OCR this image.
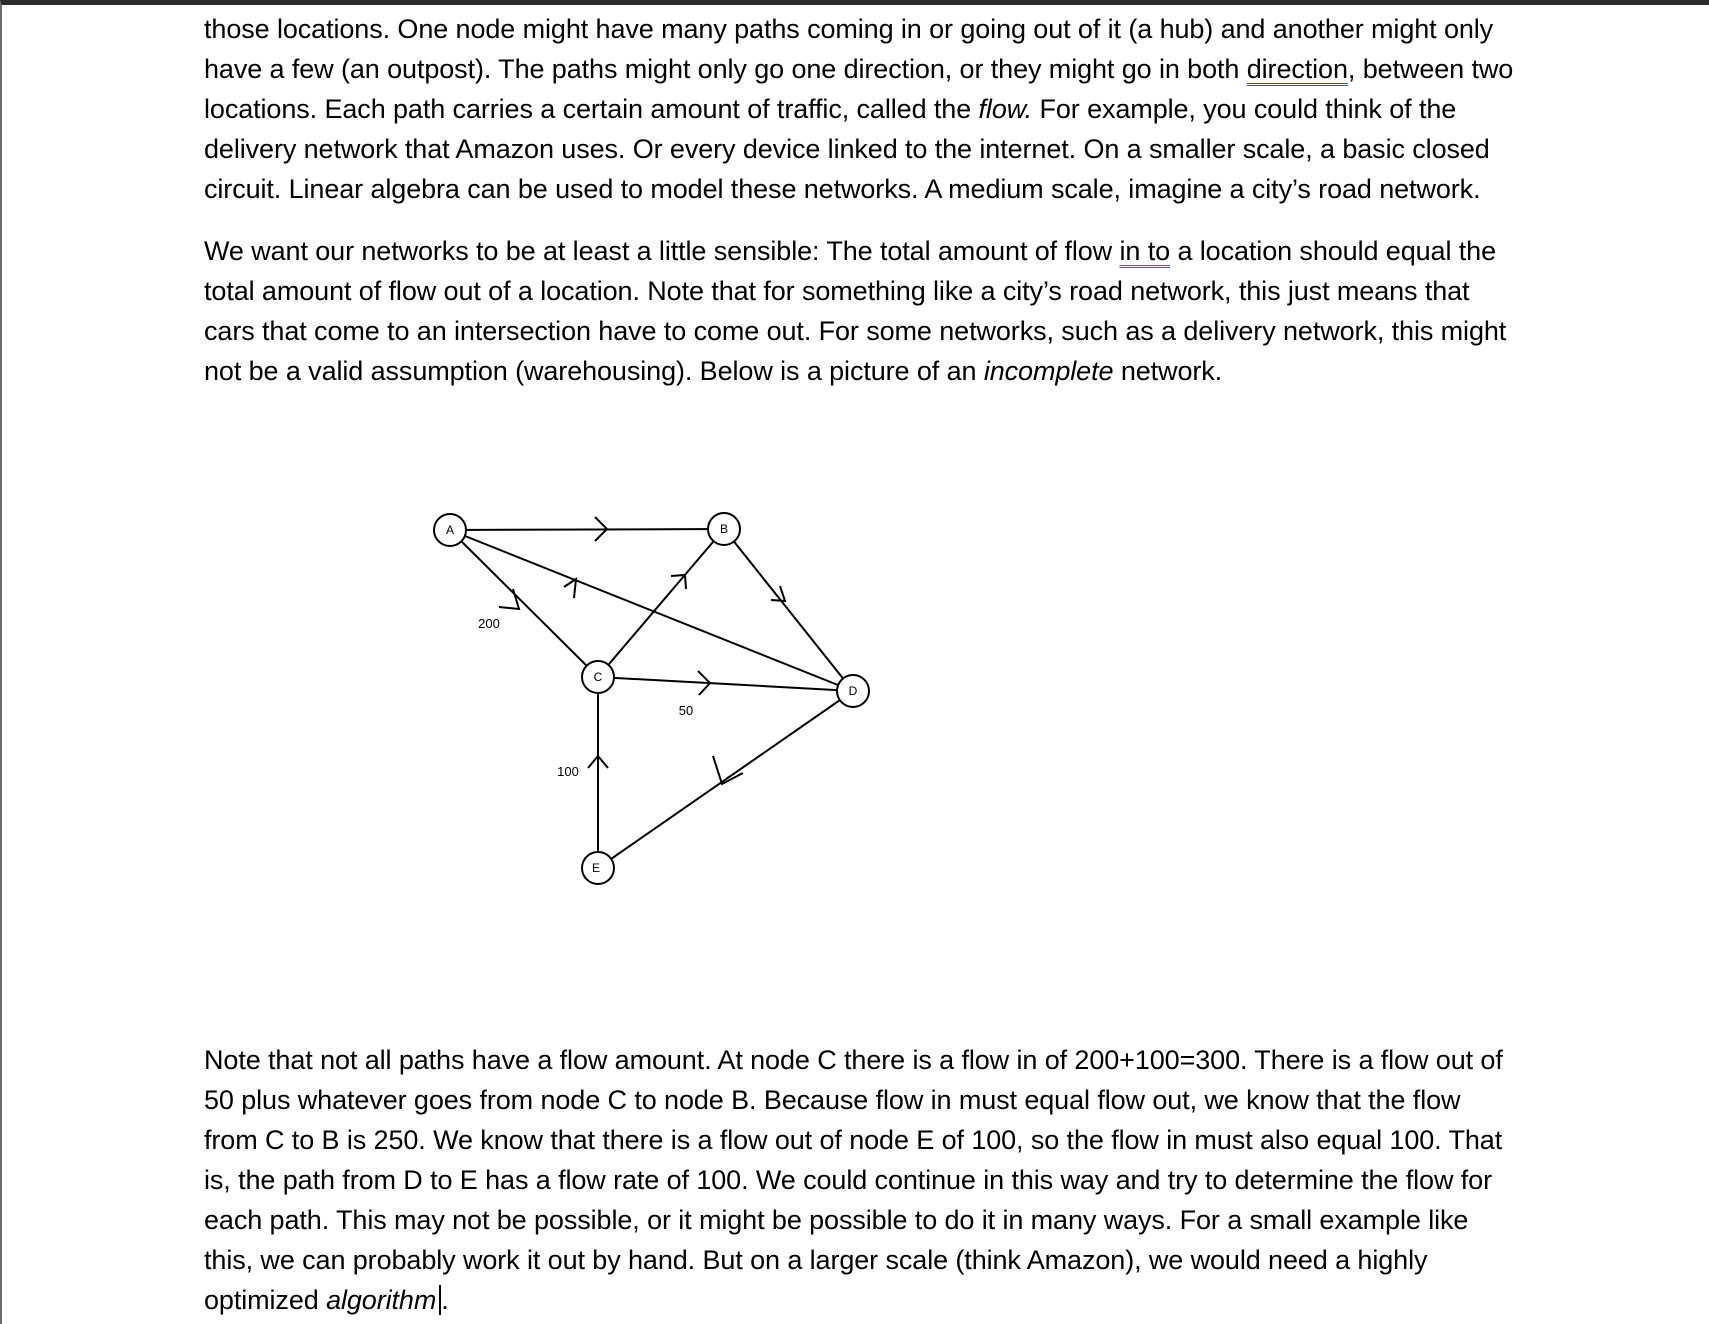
those locations. One node might have many paths coming in or going out of it (a hub) and another might only have a few (an outpost). The paths might only go one direction, or they might go in both direction, between two locations. Each path carries a certain amount of traffic, called the flow. For example, you could think of the delivery network that Amazon uses. Or every device linked to the internet. On a smaller scale, a basic closed circuit. Linear algebra can be used to model these networks. A medium scale, imagine a city’s road network.

We want our networks to be at least a little sensible: The total amount of flow in to a location should equal the total amount of flow out of a location. Note that for something like a city’s road network, this just means that cars that come to an intersection have to come out. For some networks, such as a delivery network, this might not be a valid assumption (warehousing). Below is a picture of an incomplete network.

Note that not all paths have a flow amount. At node C there is a flow in of 200+100=300. There is a flow out of 50 plus whatever goes from node C to node B. Because flow in must equal flow out, we know that the flow from C to B is 250. We know that there is a flow out of node E of 100, so the flow in must also equal 100. That is, the path from D to E has a flow rate of 100. We could continue in this way and try to determine the flow for each path. This may not be possible, or it might be possible to do it in many ways. For a small example like this, we can probably work it out by hand. But on a larger scale (think Amazon), we would need a highly optimized algorithm .

A	B
C
D
E
200
50
100
